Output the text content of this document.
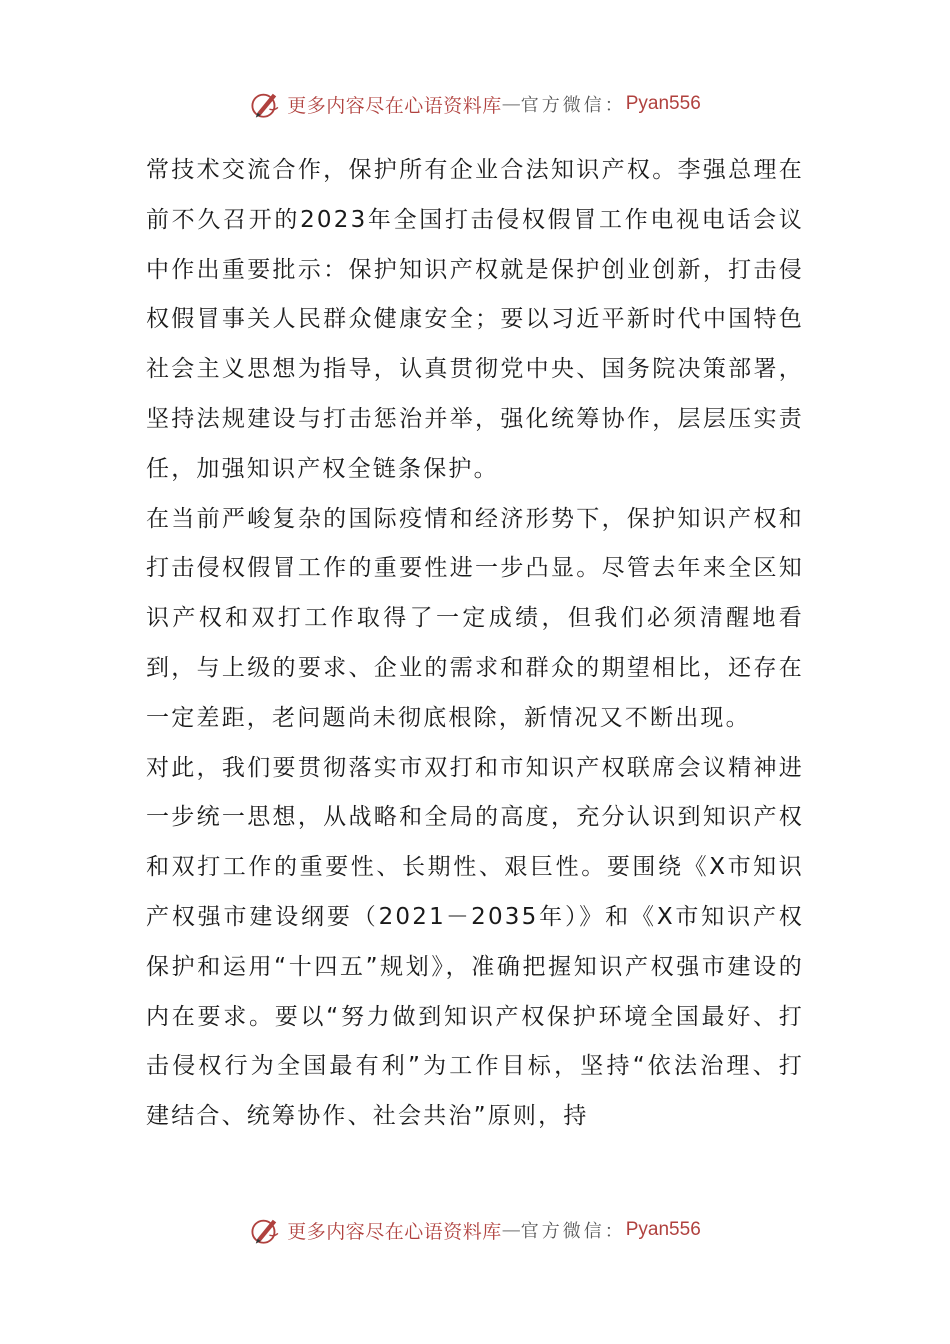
更多内容尽在心语资料库 — 官方微信： Pyan556

常技术交流合作，保护所有企业合法知识产权。李强总理在前不久召开的2023年全国打击侵权假冒工作电视电话会议中作出重要批示：保护知识产权就是保护创业创新，打击侵权假冒事关人民群众健康安全；要以习近平新时代中国特色社会主义思想为指导，认真贯彻党中央、国务院决策部署，坚持法规建设与打击惩治并举，强化统筹协作，层层压实责任，加强知识产权全链条保护。

在当前严峻复杂的国际疫情和经济形势下，保护知识产权和打击侵权假冒工作的重要性进一步凸显。尽管去年来全区知识产权和双打工作取得了一定成绩，但我们必须清醒地看到，与上级的要求、企业的需求和群众的期望相比，还存在一定差距，老问题尚未彻底根除，新情况又不断出现。

对此，我们要贯彻落实市双打和市知识产权联席会议精神进一步统一思想，从战略和全局的高度，充分认识到知识产权和双打工作的重要性、长期性、艰巨性。要围绕《X市知识产权强市建设纲要（2021－2035年）》和《X市知识产权保护和运用“十四五”规划》，准确把握知识产权强市建设的内在要求。要以“努力做到知识产权保护环境全国最好、打击侵权行为全国最有利”为工作目标，坚持“依法治理、打建结合、统筹协作、社会共治”原则，持

更多内容尽在心语资料库 — 官方微信： Pyan556
